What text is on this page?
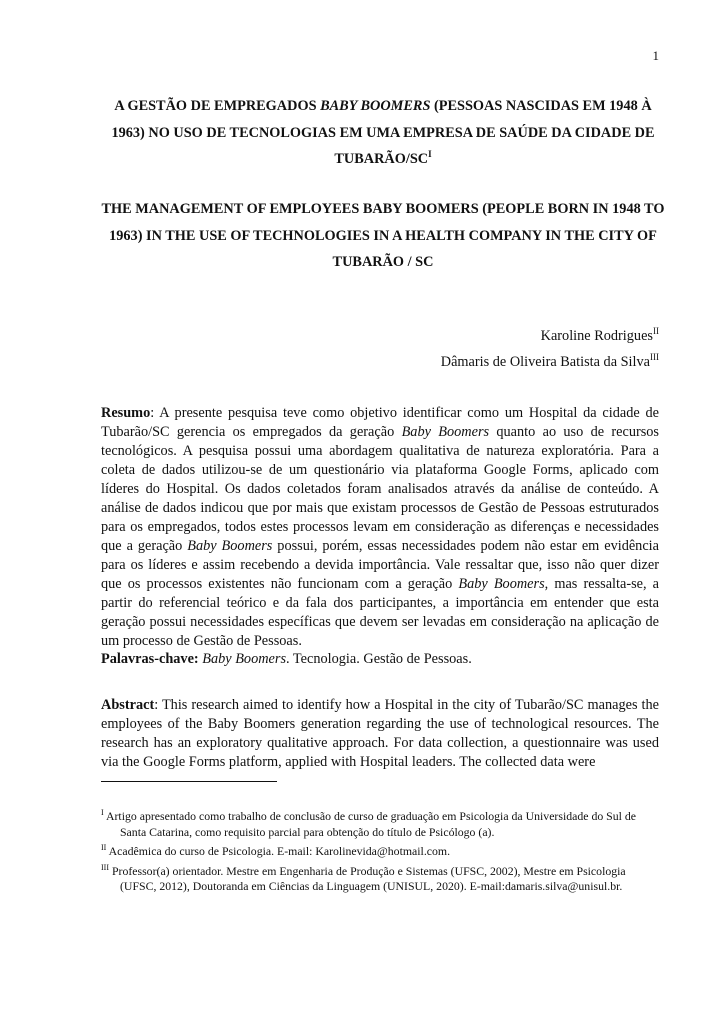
1
A GESTÃO DE EMPREGADOS BABY BOOMERS (PESSOAS NASCIDAS EM 1948 À 1963) NO USO DE TECNOLOGIAS EM UMA EMPRESA DE SAÚDE DA CIDADE DE TUBARÃO/SC$^I$
THE MANAGEMENT OF EMPLOYEES BABY BOOMERS (PEOPLE BORN IN 1948 TO 1963) IN THE USE OF TECHNOLOGIES IN A HEALTH COMPANY IN THE CITY OF TUBARÃO / SC
Karoline Rodrigues$^{II}$
Dâmaris de Oliveira Batista da Silva$^{III}$

Resumo: A presente pesquisa teve como objetivo identificar como um Hospital da cidade de Tubarão/SC gerencia os empregados da geração Baby Boomers quanto ao uso de recursos tecnológicos. A pesquisa possui uma abordagem qualitativa de natureza exploratória. Para a coleta de dados utilizou-se de um questionário via plataforma Google Forms, aplicado com líderes do Hospital. Os dados coletados foram analisados através da análise de conteúdo. A análise de dados indicou que por mais que existam processos de Gestão de Pessoas estruturados para os empregados, todos estes processos levam em consideração as diferenças e necessidades que a geração Baby Boomers possui, porém, essas necessidades podem não estar em evidência para os líderes e assim recebendo a devida importância. Vale ressaltar que, isso não quer dizer que os processos existentes não funcionam com a geração Baby Boomers, mas ressalta-se, a partir do referencial teórico e da fala dos participantes, a importância em entender que esta geração possui necessidades específicas que devem ser levadas em consideração na aplicação de um processo de Gestão de Pessoas.

Palavras-chave: Baby Boomers. Tecnologia. Gestão de Pessoas.

Abstract: This research aimed to identify how a Hospital in the city of Tubarão/SC manages the employees of the Baby Boomers generation regarding the use of technological resources. The research has an exploratory qualitative approach. For data collection, a questionnaire was used via the Google Forms platform, applied with Hospital leaders. The collected data were

$^I$ Artigo apresentado como trabalho de conclusão de curso de graduação em Psicologia da Universidade do Sul de Santa Catarina, como requisito parcial para obtenção do título de Psicólogo (a).

$^{II}$ Acadêmica do curso de Psicologia. E-mail: Karolinevida@hotmail.com.

$^{III}$ Professor(a) orientador. Mestre em Engenharia de Produção e Sistemas (UFSC, 2002), Mestre em Psicologia (UFSC, 2012), Doutoranda em Ciências da Linguagem (UNISUL, 2020). E-mail:damaris.silva@unisul.br.
